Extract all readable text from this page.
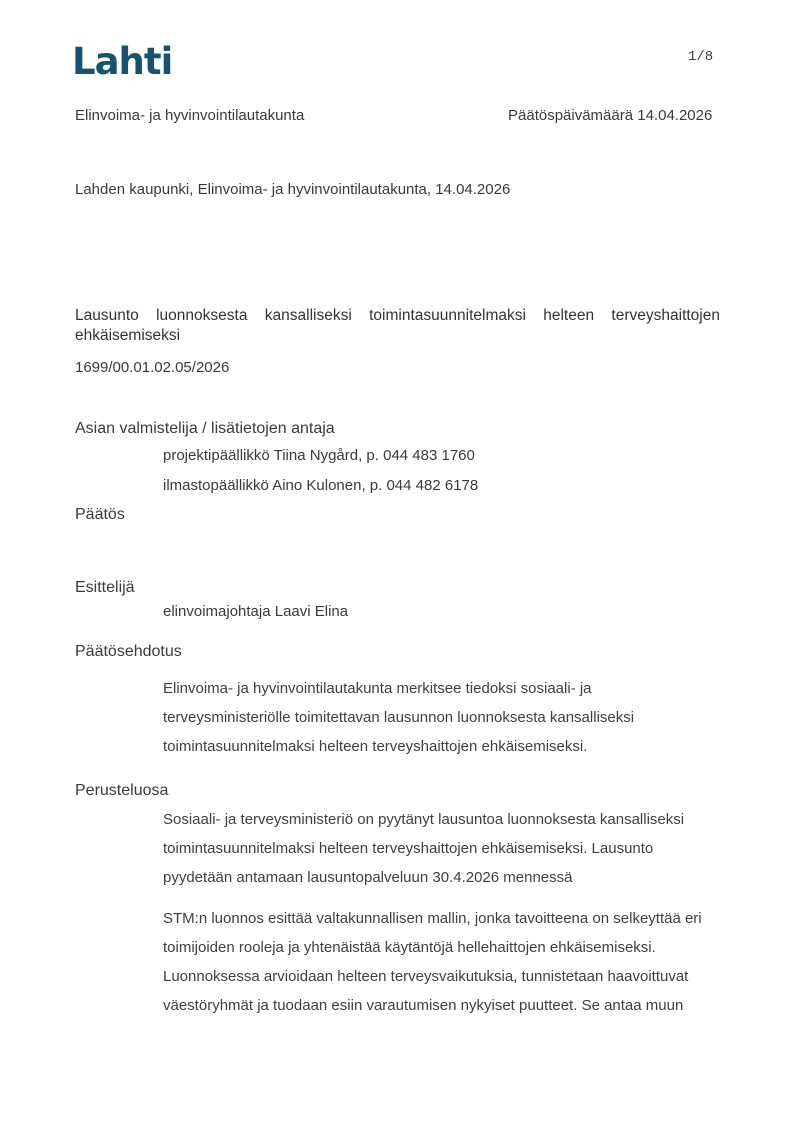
Lahti	1/8
Elinvoima- ja hyvinvointilautakunta	Päätöspäivämäärä 14.04.2026
Lahden kaupunki, Elinvoima- ja hyvinvointilautakunta, 14.04.2026
Lausunto luonnoksesta kansalliseksi toimintasuunnitelmaksi helteen terveyshaittojen ehkäisemiseksi
1699/00.01.02.05/2026
Asian valmistelija / lisätietojen antaja
projektipäällikkö Tiina Nygård, p. 044 483 1760
ilmastopäällikkö Aino Kulonen, p. 044 482 6178
Päätös
Esittelijä
elinvoimajohtaja Laavi Elina
Päätösehdotus
Elinvoima- ja hyvinvointilautakunta merkitsee tiedoksi sosiaali- ja terveysministeriölle toimitettavan lausunnon luonnoksesta kansalliseksi toimintasuunnitelmaksi helteen terveyshaittojen ehkäisemiseksi.
Perusteluosa
Sosiaali- ja terveysministeriö on pyytänyt lausuntoa luonnoksesta kansalliseksi toimintasuunnitelmaksi helteen terveyshaittojen ehkäisemiseksi. Lausunto pyydetään antamaan lausuntopalveluun 30.4.2026 mennessä
STM:n luonnos esittää valtakunnallisen mallin, jonka tavoitteena on selkeyttää eri toimijoiden rooleja ja yhtenäistää käytäntöjä hellehaittojen ehkäisemiseksi. Luonnoksessa arvioidaan helteen terveysvaikutuksia, tunnistetaan haavoittuvat väestöryhmät ja tuodaan esiin varautumisen nykyiset puutteet. Se antaa muun
